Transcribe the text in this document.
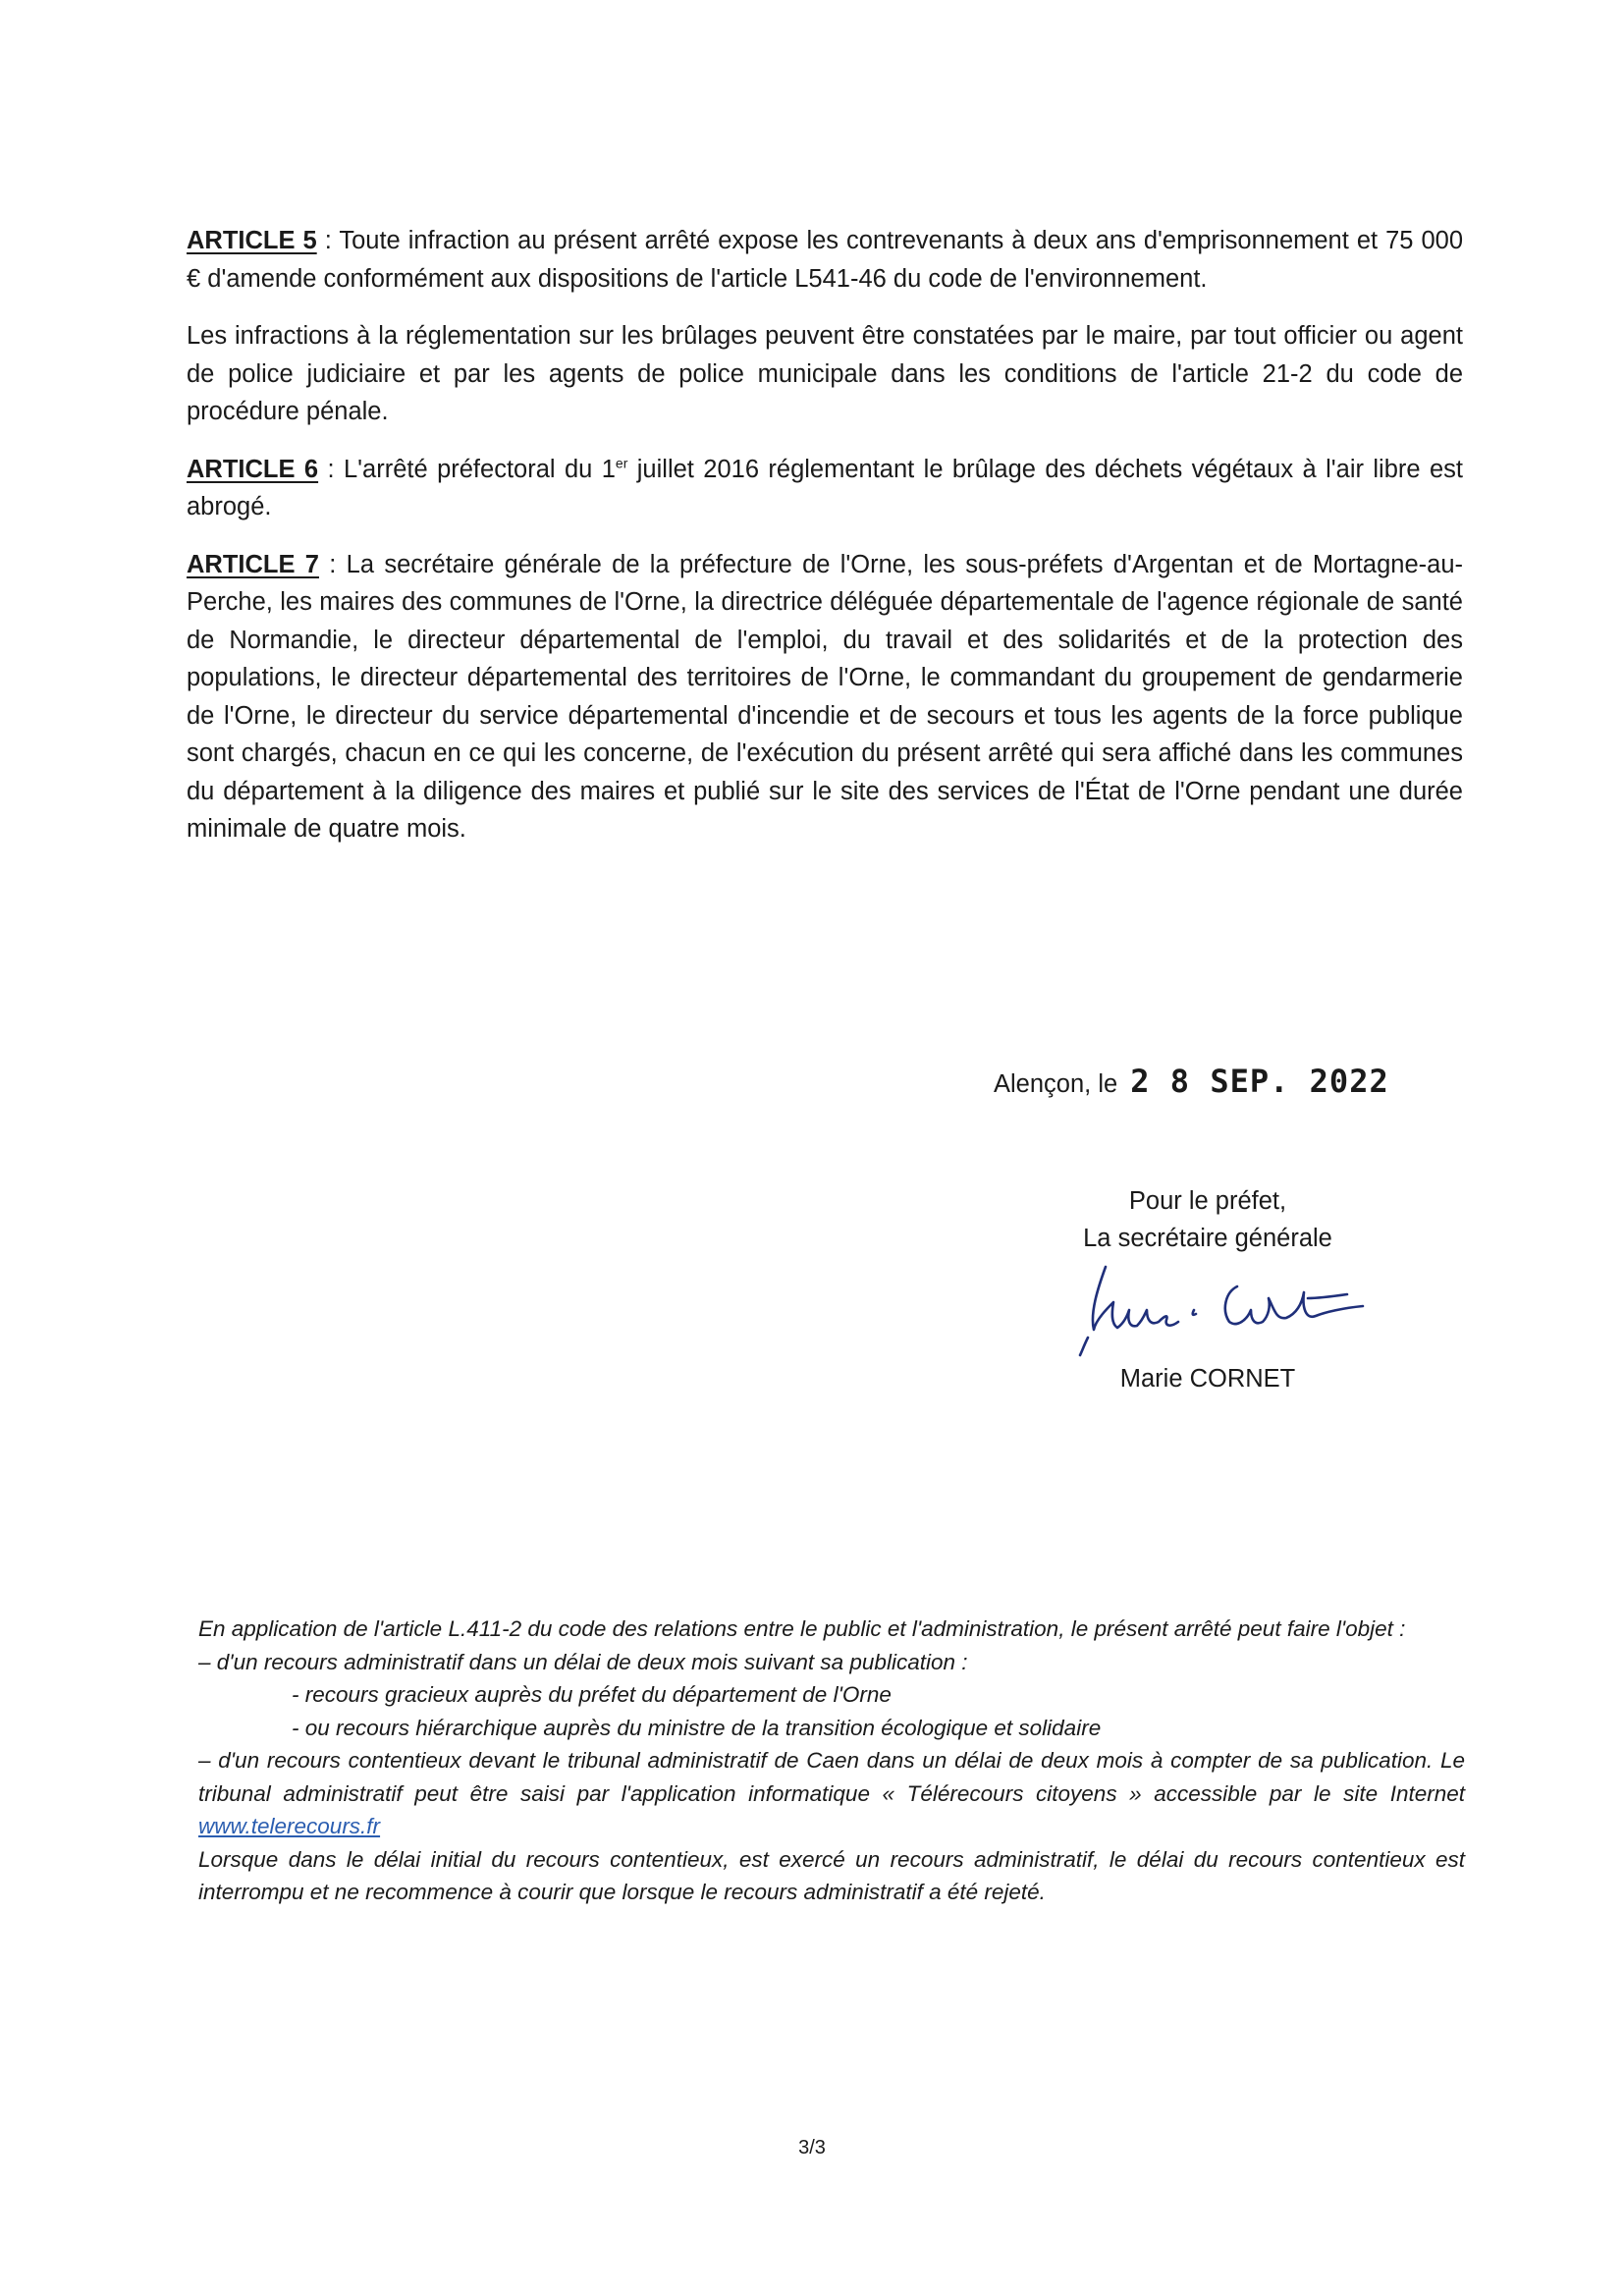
ARTICLE 5 : Toute infraction au présent arrêté expose les contrevenants à deux ans d'emprisonnement et 75 000 € d'amende conformément aux dispositions de l'article L541-46 du code de l'environnement.

Les infractions à la réglementation sur les brûlages peuvent être constatées par le maire, par tout officier ou agent de police judiciaire et par les agents de police municipale dans les conditions de l'article 21-2 du code de procédure pénale.

ARTICLE 6 : L'arrêté préfectoral du 1er juillet 2016 réglementant le brûlage des déchets végétaux à l'air libre est abrogé.

ARTICLE 7 : La secrétaire générale de la préfecture de l'Orne, les sous-préfets d'Argentan et de Mortagne-au-Perche, les maires des communes de l'Orne, la directrice déléguée départementale de l'agence régionale de santé de Normandie, le directeur départemental de l'emploi, du travail et des solidarités et de la protection des populations, le directeur départemental des territoires de l'Orne, le commandant du groupement de gendarmerie de l'Orne, le directeur du service départemental d'incendie et de secours et tous les agents de la force publique sont chargés, chacun en ce qui les concerne, de l'exécution du présent arrêté qui sera affiché dans les communes du département à la diligence des maires et publié sur le site des services de l'État de l'Orne pendant une durée minimale de quatre mois.

Alençon, le 2 8 SEP. 2022
Pour le préfet,
La secrétaire générale
Marie CORNET
En application de l'article L.411-2 du code des relations entre le public et l'administration, le présent arrêté peut faire l'objet :
– d'un recours administratif dans un délai de deux mois suivant sa publication :
- recours gracieux auprès du préfet du département de l'Orne
- ou recours hiérarchique auprès du ministre de la transition écologique et solidaire
– d'un recours contentieux devant le tribunal administratif de Caen dans un délai de deux mois à compter de sa publication. Le tribunal administratif peut être saisi par l'application informatique « Télérecours citoyens » accessible par le site Internet www.telerecours.fr
Lorsque dans le délai initial du recours contentieux, est exercé un recours administratif, le délai du recours contentieux est interrompu et ne recommence à courir que lorsque le recours administratif a été rejeté.
3/3
